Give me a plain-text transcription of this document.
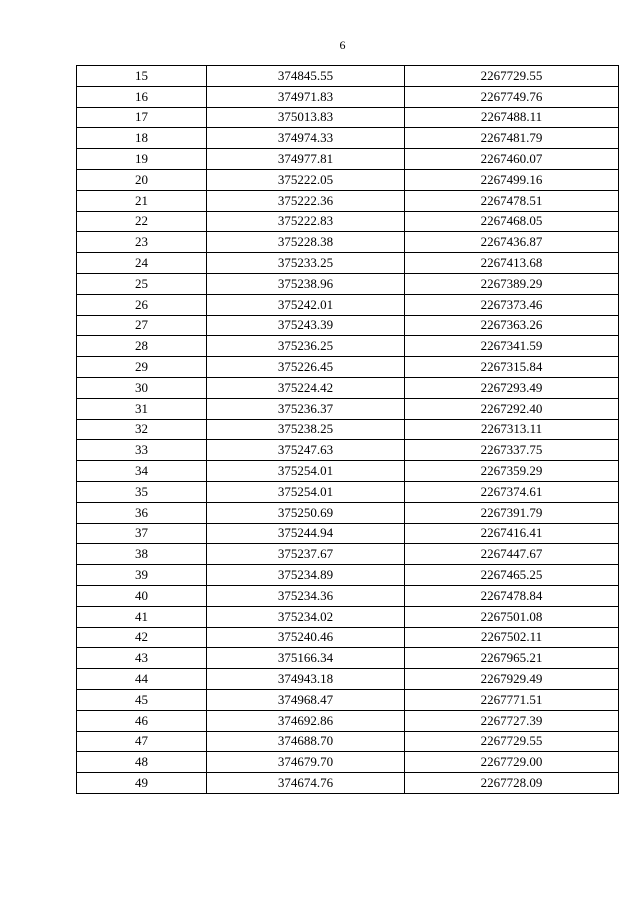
6
15	374845.55	2267729.55
16	374971.83	2267749.76
17	375013.83	2267488.11
18	374974.33	2267481.79
19	374977.81	2267460.07
20	375222.05	2267499.16
21	375222.36	2267478.51
22	375222.83	2267468.05
23	375228.38	2267436.87
24	375233.25	2267413.68
25	375238.96	2267389.29
26	375242.01	2267373.46
27	375243.39	2267363.26
28	375236.25	2267341.59
29	375226.45	2267315.84
30	375224.42	2267293.49
31	375236.37	2267292.40
32	375238.25	2267313.11
33	375247.63	2267337.75
34	375254.01	2267359.29
35	375254.01	2267374.61
36	375250.69	2267391.79
37	375244.94	2267416.41
38	375237.67	2267447.67
39	375234.89	2267465.25
40	375234.36	2267478.84
41	375234.02	2267501.08
42	375240.46	2267502.11
43	375166.34	2267965.21
44	374943.18	2267929.49
45	374968.47	2267771.51
46	374692.86	2267727.39
47	374688.70	2267729.55
48	374679.70	2267729.00
49	374674.76	2267728.09
